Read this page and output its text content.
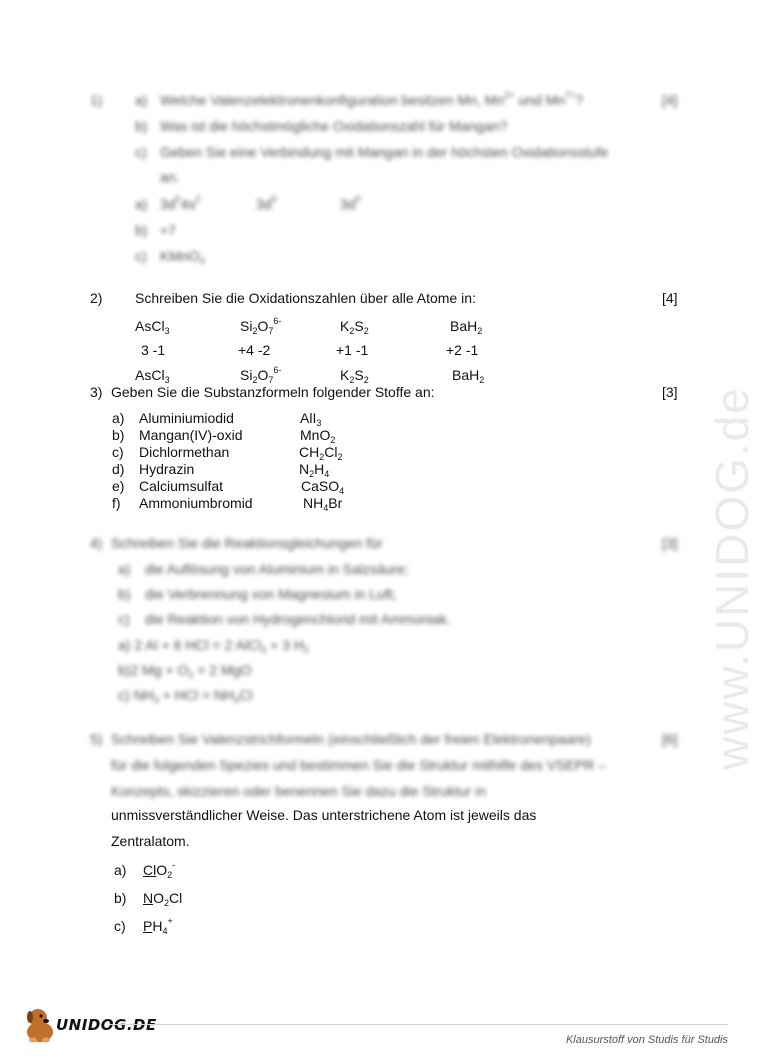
www.UNIDOG.de
1) a) Welche Valenzelektronenkonfiguration besitzen Mn, $Mn^{2+}$ und $Mn^{7+}$?	[4]
b) Was ist die höchstmögliche Oxidationszahl für Mangan?
c) Geben Sie eine Verbindung mit Mangan in der höchsten Oxidationsstufe
an.
a) $3d^54s^2$	$3d^5$	$3d^0$
b) +7
c) KMnO$_4$
2) Schreiben Sie die Oxidationszahlen über alle Atome in:	[4]
AsCl$_3$	$Si_2O_7^{6-}$	$K_2S_2$	BaH$_2$
3 -1	+4 -2	+1 -1	+2 -1
AsCl$_3$	$Si_2O_7^{6-}$	$K_2S_2$	BaH$_2$
3) Geben Sie die Substanzformeln folgender Stoffe an:	[3]
a) Aluminiumiodid	AlI$_3$
b) Mangan(IV)-oxid	MnO$_2$
c) Dichlormethan	$CH_2Cl_2$
d) Hydrazin	$N_2H_4$
e) Calciumsulfat	CaSO$_4$
f) Ammoniumbromid	$NH_4Br$
4) Schreiben Sie die Reaktionsgleichungen für	[3]
a) die Auflösung von Aluminium in Salzsäure;
b) die Verbrennung von Magnesium in Luft;
c) die Reaktion von Hydrogenchlorid mit Ammoniak.
a) 2 Al + 6 HCl = 2 AlCl$_3$ + 3 $H_2$
b)2 $Mg + O_2 = 2$ MgO
c) $NH_3$ + HCl = $NH_4Cl$
5) Schreiben Sie Valenzstrichformeln (einschließlich der freien Elektronenpaare)	[6]
für die folgenden Spezies und bestimmen Sie die Struktur mithilfe des VSEPR –
Konzepts, skizzieren oder benennen Sie dazu die Struktur in
unmissverständlicher Weise. Das unterstrichene Atom ist jeweils das
Zentralatom.
a) ClO$_2$-
b) $NO_2Cl$
c) $PH_4^+$
UNIDOG.DE
Klausurstoff von Studis für Studis
